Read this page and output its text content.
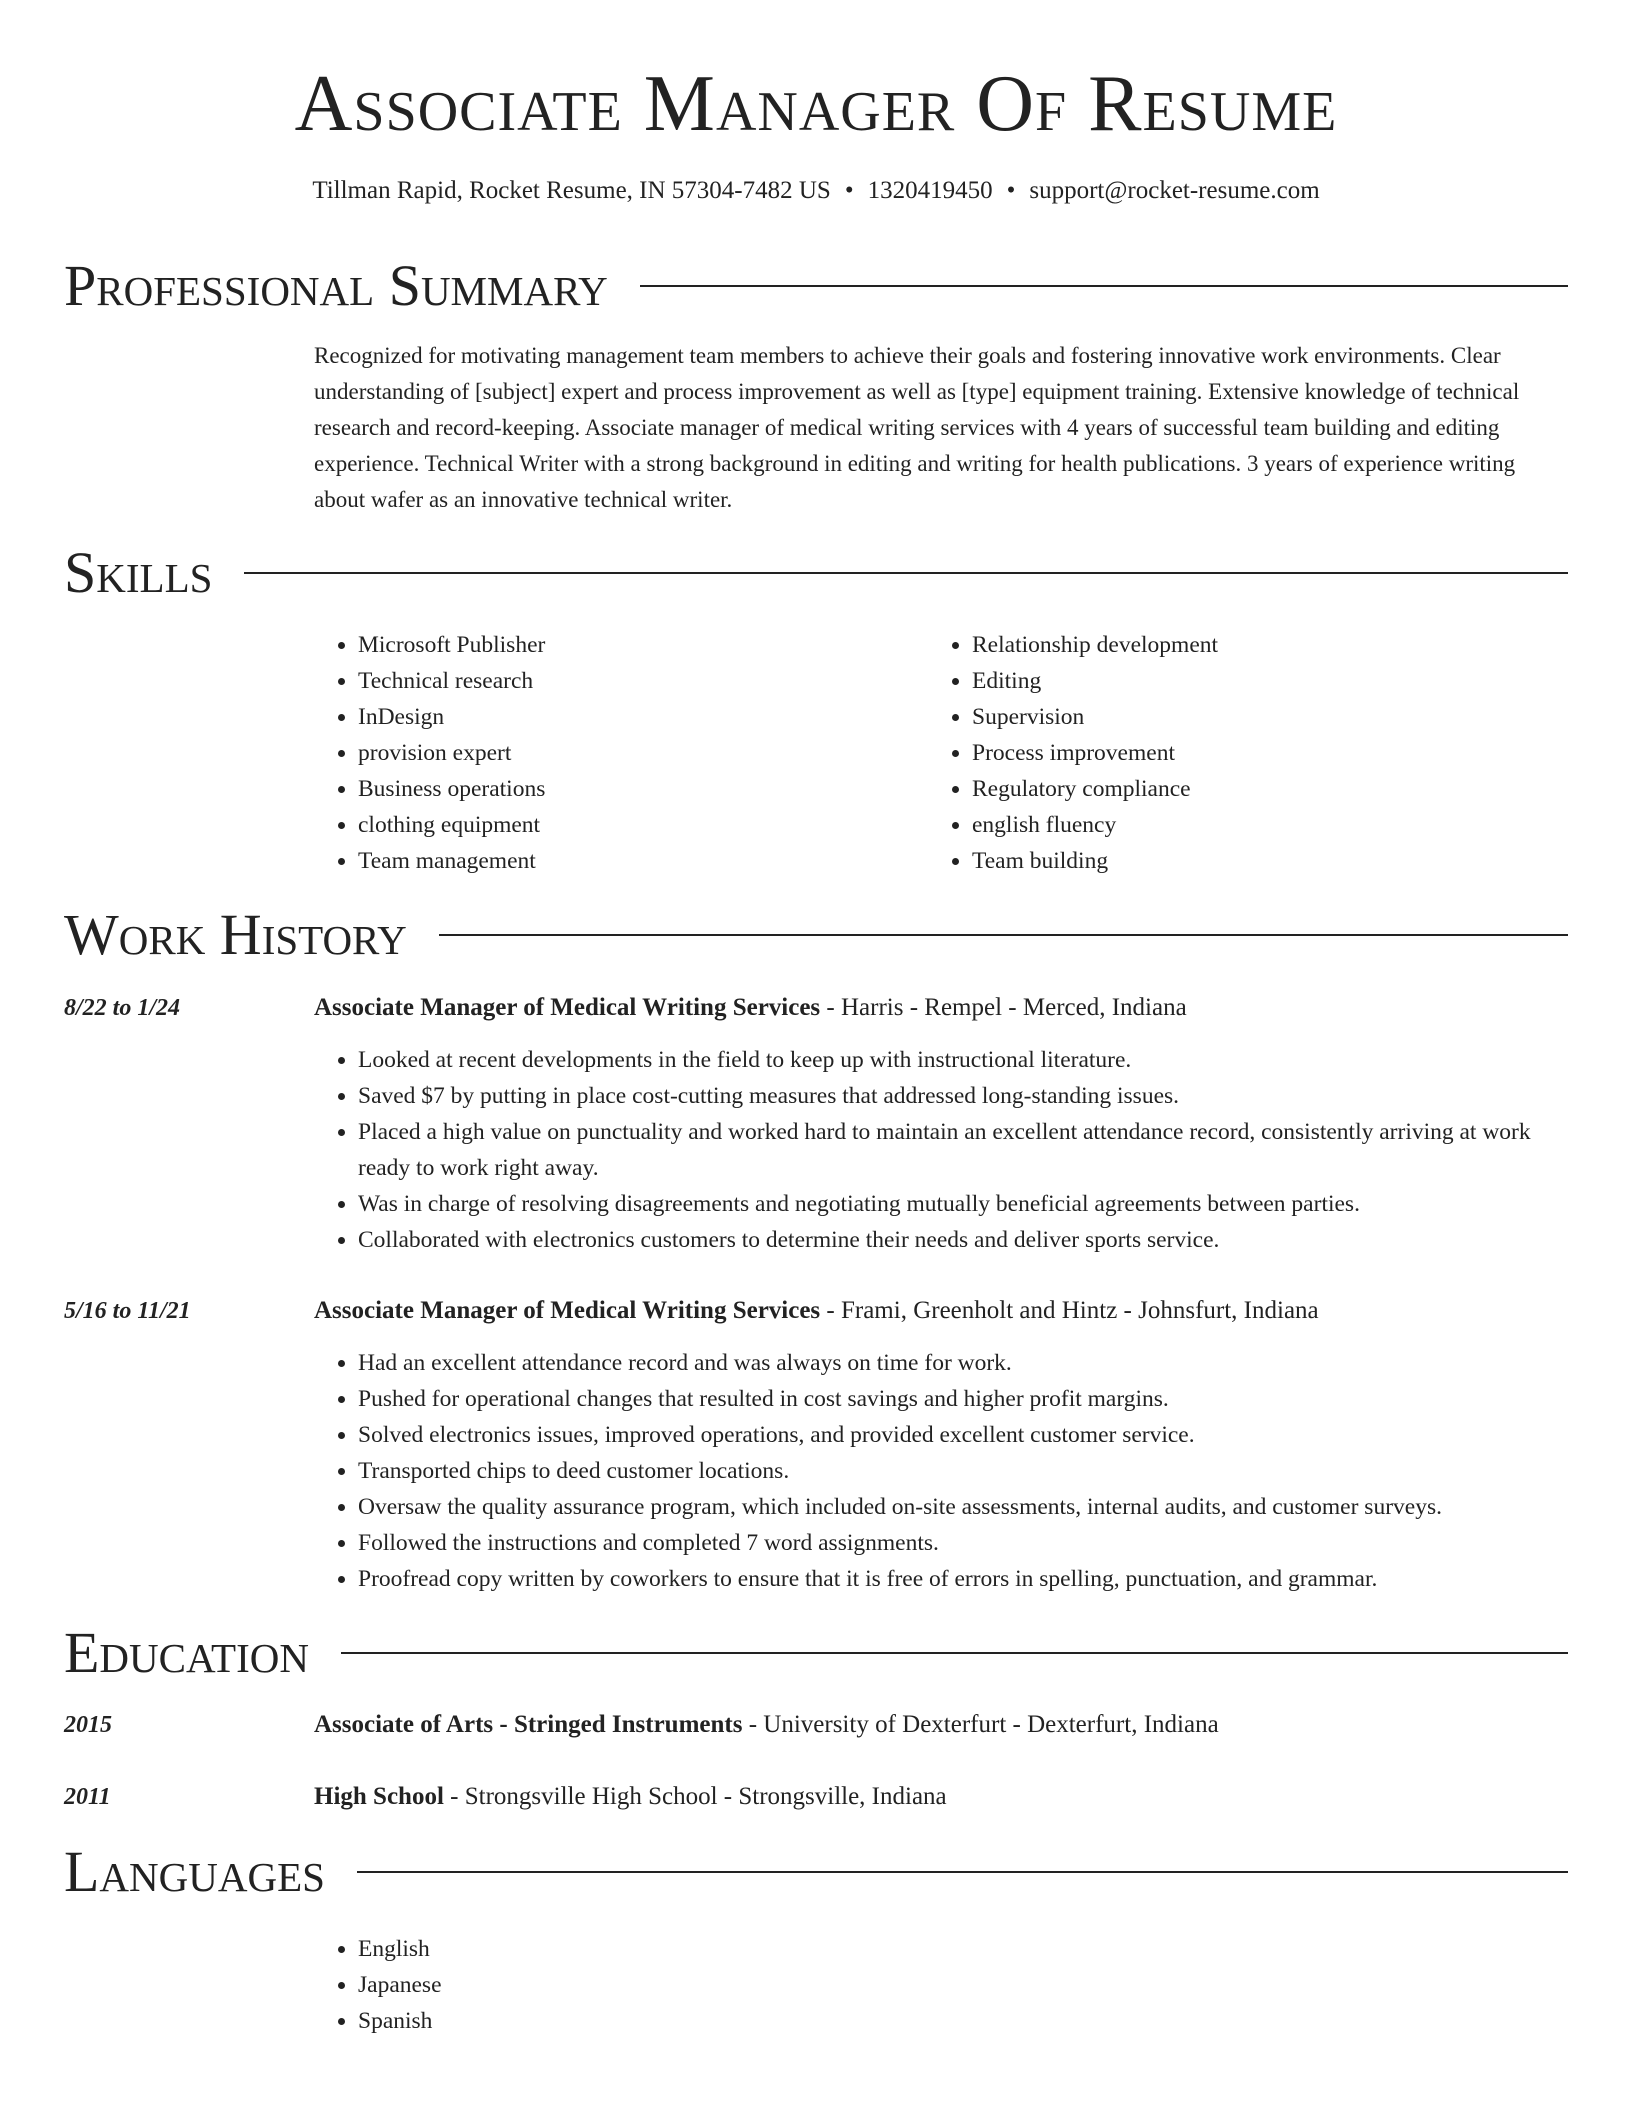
Associate Manager Of Resume
Tillman Rapid, Rocket Resume, IN 57304-7482 US • 1320419450 • support@rocket-resume.com
Professional Summary

Recognized for motivating management team members to achieve their goals and fostering innovative work environments. Clear understanding of [subject] expert and process improvement as well as [type] equipment training. Extensive knowledge of technical research and record-keeping. Associate manager of medical writing services with 4 years of successful team building and editing experience. Technical Writer with a strong background in editing and writing for health publications. 3 years of experience writing about wafer as an innovative technical writer.

Skills
• Microsoft Publisher
• Technical research
• InDesign
• provision expert
• Business operations
• clothing equipment
• Team management
• Relationship development
• Editing
• Supervision
• Process improvement
• Regulatory compliance
• english fluency
• Team building
Work History
8/22 to 1/24	Associate Manager of Medical Writing Services - Harris - Rempel - Merced, Indiana
• Looked at recent developments in the field to keep up with instructional literature.
• Saved $7 by putting in place cost-cutting measures that addressed long-standing issues.
• Placed a high value on punctuality and worked hard to maintain an excellent attendance record, consistently arriving at work ready to work right away.
• Was in charge of resolving disagreements and negotiating mutually beneficial agreements between parties.
• Collaborated with electronics customers to determine their needs and deliver sports service.
5/16 to 11/21	Associate Manager of Medical Writing Services - Frami, Greenholt and Hintz - Johnsfurt, Indiana
• Had an excellent attendance record and was always on time for work.
• Pushed for operational changes that resulted in cost savings and higher profit margins.
• Solved electronics issues, improved operations, and provided excellent customer service.
• Transported chips to deed customer locations.
• Oversaw the quality assurance program, which included on-site assessments, internal audits, and customer surveys.
• Followed the instructions and completed 7 word assignments.
• Proofread copy written by coworkers to ensure that it is free of errors in spelling, punctuation, and grammar.
Education
2015	Associate of Arts - Stringed Instruments - University of Dexterfurt - Dexterfurt, Indiana
2011	High School - Strongsville High School - Strongsville, Indiana
Languages
• English
• Japanese
• Spanish
